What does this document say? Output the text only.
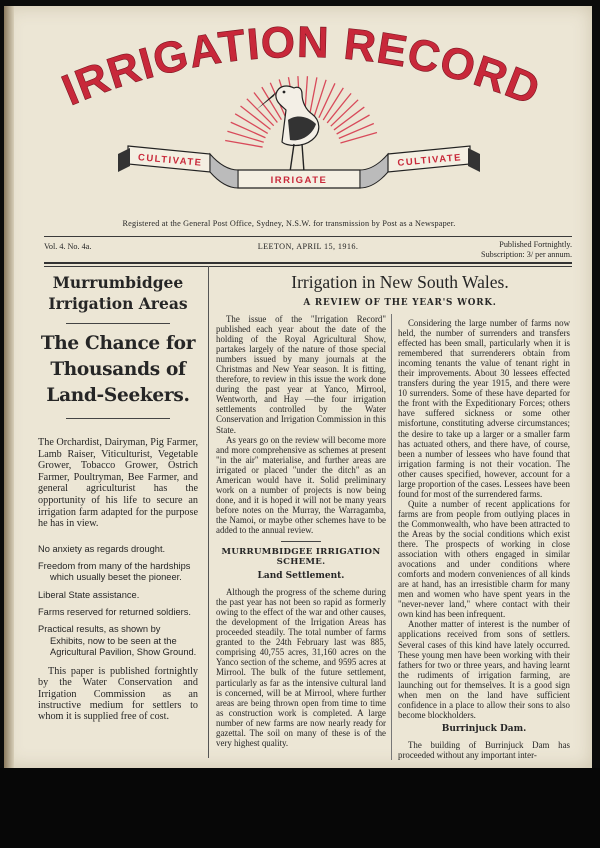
IRRIGATION RECORD
CULTIVATE
IRRIGATE
CULTIVATE
Registered at the General Post Office, Sydney, N.S.W. for transmission by Post as a Newspaper.
Vol. 4. No. 4a.	LEETON, APRIL 15, 1916.	Published Fortnightly.
Subscription: 3/ per annum.
Murrumbidgee
Irrigation Areas
The Chance for
Thousands of
Land-Seekers.
The Orchardist, Dairyman, Pig Farmer, Lamb Raiser, Viticulturist, Vegetable Grower, Tobacco Grower, Ostrich Farmer, Poultryman, Bee Farmer, and general agriculturist has the opportunity of his life to secure an irrigation farm adapted for the purpose he has in view.
No anxiety as regards drought.
Freedom from many of the hardships which usually beset the pioneer.
Liberal State assistance.
Farms reserved for returned soldiers.
Practical results, as shown by Exhibits, now to be seen at the Agricultural Pavilion, Show Ground.
This paper is published fortnightly by the Water Conservation and Irrigation Commission as an instructive medium for settlers to whom it is supplied free of cost.
Irrigation in New South Wales.
A REVIEW OF THE YEAR'S WORK.

The issue of the "Irrigation Record" published each year about the date of the holding of the Royal Agricultural Show, partakes largely of the nature of those special numbers issued by many journals at the Christmas and New Year season. It is fitting, therefore, to review in this issue the work done during the past year at Yanco, Mirrool, Wentworth, and Hay —the four irrigation settlements controlled by the Water Conservation and Irrigation Commission in this State.

As years go on the review will become more and more comprehensive as schemes at present "in the air" materialise, and further areas are irrigated or placed "under the ditch" as an American would have it. Solid preliminary work on a number of projects is now being done, and it is hoped it will not be many years before notes on the Murray, the Warragamba, the Namoi, or maybe other schemes have to be added to the annual review.

MURRUMBIDGEE IRRIGATION SCHEME.
Land Settlement.

Although the progress of the scheme during the past year has not been so rapid as formerly owing to the effect of the war and other causes, the development of the Irrigation Areas has proceeded steadily. The total number of farms granted to the 24th February last was 885, comprising 40,755 acres, 31,160 acres on the Yanco section of the scheme, and 9595 acres at Mirrool. The bulk of the future settlement, particularly as far as the intensive cultural land is concerned, will be at Mirrool, where further areas are being thrown open from time to time as construction work is completed. A large number of new farms are now nearly ready for gazettal. The soil on many of these is of the very highest quality.

Considering the large number of farms now held, the number of surrenders and transfers effected has been small, particularly when it is remembered that surrenderers obtain from incoming tenants the value of tenant right in their improvements. About 30 lessees effected transfers during the year 1915, and there were 10 surrenders. Some of these have departed for the front with the Expeditionary Forces; others have suffered sickness or some other misfortune, constituting adverse circumstances; the desire to take up a larger or a smaller farm has actuated others, and there have, of course, been a number of lessees who have found that irrigation farming is not their vocation. The other causes specified, however, account for a large proportion of the cases. Lessees have been found for most of the surrendered farms.

Quite a number of recent applications for farms are from people from outlying places in the Commonwealth, who have been attracted to the Areas by the social conditions which exist there. The prospects of working in close association with others engaged in similar avocations and under conditions where comforts and modern conveniences of all kinds are at hand, has an irresistible charm for many men and women who have spent years in the "never-never land," where contact with their own kind has been infrequent.

Another matter of interest is the number of applications received from sons of settlers. Several cases of this kind have lately occurred. These young men have been working with their fathers for two or three years, and having learnt the rudiments of irrigation farming, are launching out for themselves. It is a good sign when men on the land have sufficient confidence in a place to allow their sons to also become blockholders.

Burrinjuck Dam.

The building of Burrinjuck Dam has proceeded without any important inter-
